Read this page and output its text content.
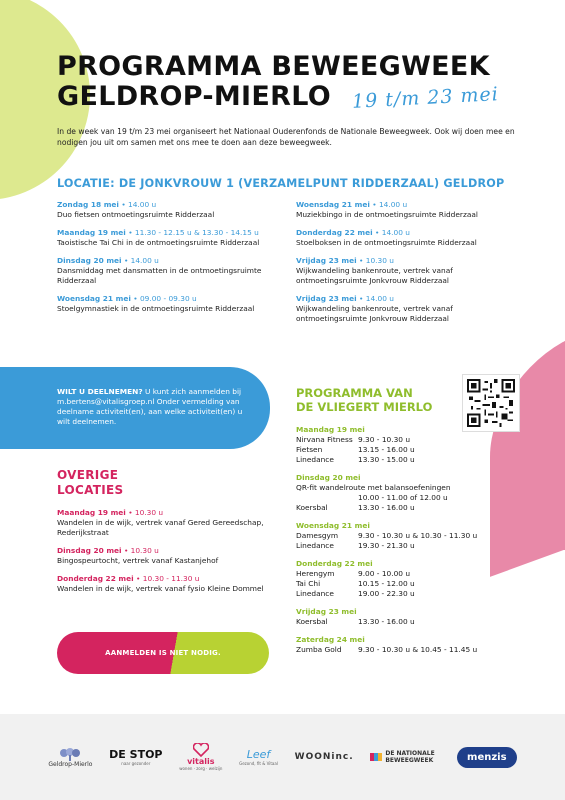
PROGRAMMA BEWEEGWEEK
GELDROP-MIERLO	19 t/m 23 mei

In de week van 19 t/m 23 mei organiseert het Nationaal Ouderenfonds de Nationale Beweegweek. Ook wij doen mee en nodigen jou uit om samen met ons mee te doen aan deze beweegweek.

LOCATIE: DE JONKVROUW 1 (VERZAMELPUNT RIDDERZAAL) GELDROP
Zondag 18 mei • 14.00 u
Duo fietsen ontmoetingsruimte Ridderzaal
Maandag 19 mei • 11.30 - 12.15 u & 13.30 - 14.15 u
Taoistische Tai Chi in de ontmoetingsruimte Ridderzaal
Dinsdag 20 mei • 14.00 u
Dansmiddag met dansmatten in de ontmoetingsruimte Ridderzaal
Woensdag 21 mei • 09.00 - 09.30 u
Stoelgymnastiek in de ontmoetingsruimte Ridderzaal
Woensdag 21 mei • 14.00 u
Muziekbingo in de ontmoetingsruimte Ridderzaal
Donderdag 22 mei • 14.00 u
Stoelboksen in de ontmoetingsruimte Ridderzaal
Vrijdag 23 mei • 10.30 u
Wijkwandeling bankenroute, vertrek vanaf ontmoetingsruimte Jonkvrouw Ridderzaal
Vrijdag 23 mei • 14.00 u
Wijkwandeling bankenroute, vertrek vanaf ontmoetingsruimte Jonkvrouw Ridderzaal
WILT U DEELNEMEN? U kunt zich aanmelden bij m.bertens@vitalisgroep.nl Onder vermelding van deelname activiteit(en), aan welke activiteit(en) u wilt deelnemen.
OVERIGE
LOCATIES
Maandag 19 mei • 10.30 u
Wandelen in de wijk, vertrek vanaf Gered Gereedschap, Rederijkstraat
Dinsdag 20 mei • 10.30 u
Bingospeurtocht, vertrek vanaf Kastanjehof
Donderdag 22 mei • 10.30 - 11.30 u
Wandelen in de wijk, vertrek vanaf fysio Kleine Dommel
AANMELDEN IS NIET NODIG.
PROGRAMMA VAN
DE VLIEGERT MIERLO
Maandag 19 mei
Nirvana Fitness 9.30 - 10.30 u
Fietsen	13.15 - 16.00 u
Linedance	13.30 - 15.00 u
Dinsdag 20 mei
QR-fit wandelroute met balansoefeningen
10.00 - 11.00 of 12.00 u
Koersbal	13.30 - 16.00 u
Woensdag 21 mei
Damesgym	9.30 - 10.30 u & 10.30 - 11.30 u
Linedance	19.30 - 21.30 u
Donderdag 22 mei
Herengym	9.00 - 10.00 u
Tai Chi	10.15 - 12.00 u
Linedance	19.00 - 22.30 u
Vrijdag 23 mei
Koersbal	13.30 - 16.00 u
Zaterdag 24 mei
Zumba Gold	9.30 - 10.30 u & 10.45 - 11.45 u
Geldrop-Mierlo
DE STOP
naar gezonder	vitalis
wonen · zorg · welzijn
Leef
Gezond, fit & Vitaal
WOONinc.	DE NATIONALE BEWEEGWEEK	menzis
